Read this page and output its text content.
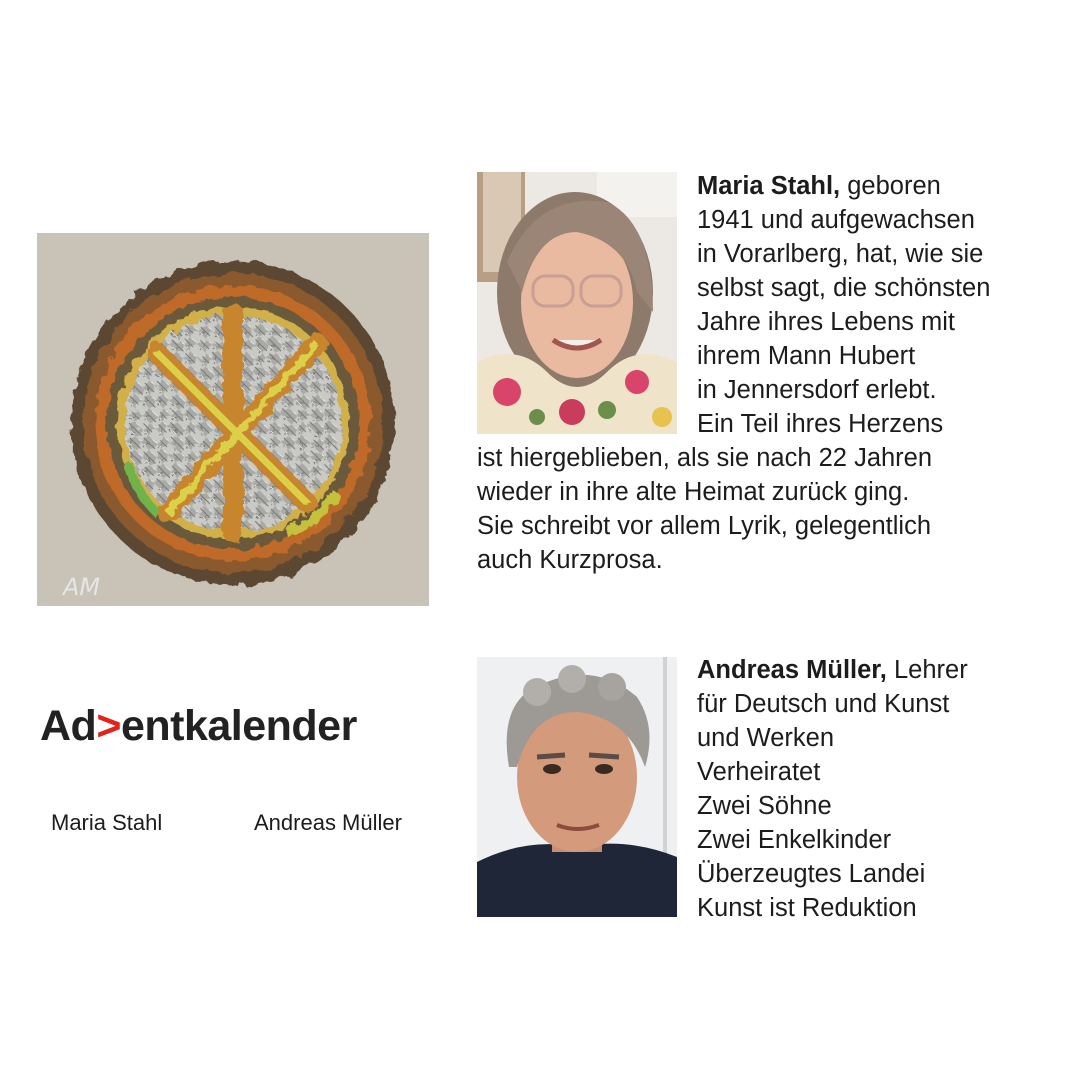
AM
Ad>entkalender
Maria Stahl	Andreas Müller
Maria Stahl, geboren
1941 und aufgewachsen
in Vorarlberg, hat, wie sie
selbst sagt, die schönsten
Jahre ihres Lebens mit
ihrem Mann Hubert
in Jennersdorf erlebt.
Ein Teil ihres Herzens
ist hiergeblieben, als sie nach 22 Jahren
wieder in ihre alte Heimat zurück ging.
Sie schreibt vor allem Lyrik, gelegentlich
auch Kurzprosa.
Andreas Müller, Lehrer
für Deutsch und Kunst
und Werken
Verheiratet
Zwei Söhne
Zwei Enkelkinder
Überzeugtes Landei
Kunst ist Reduktion
